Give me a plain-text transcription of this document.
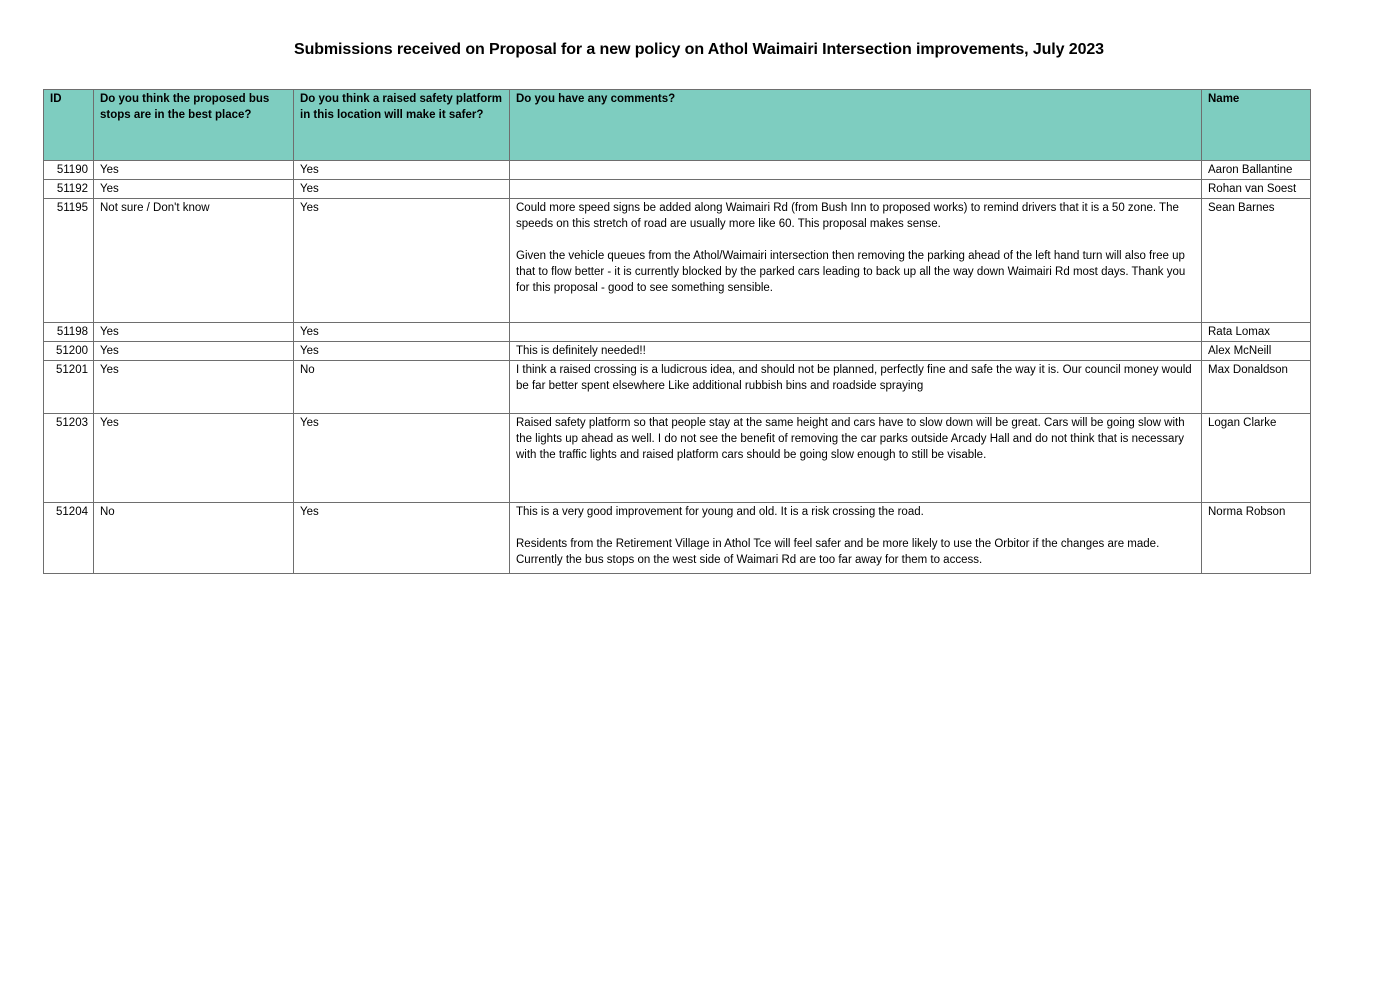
Submissions received on Proposal for a new policy on Athol Waimairi Intersection improvements, July 2023
ID	Do you think the proposed bus stops are in the best place?	Do you think a raised safety platform in this location will make it safer?	Do you have any comments?	Name
51190	Yes	Yes		Aaron Ballantine
51192	Yes	Yes		Rohan van Soest
51195	Not sure / Don't know	Yes	Could more speed signs be added along Waimairi Rd (from Bush Inn to proposed works) to remind drivers that it is a 50 zone. The speeds on this stretch of road are usually more like 60. This proposal makes sense.
Given the vehicle queues from the Athol/Waimairi intersection then removing the parking ahead of the left hand turn will also free up that to flow better - it is currently blocked by the parked cars leading to back up all the way down Waimairi Rd most days. Thank you for this proposal - good to see something sensible.	Sean Barnes
51198	Yes	Yes		Rata Lomax
51200	Yes	Yes	This is definitely needed!!	Alex McNeill
51201	Yes	No	I think a raised crossing is a ludicrous idea, and should not be planned, perfectly fine and safe the way it is. Our council money would be far better spent elsewhere Like additional rubbish bins and roadside spraying	Max Donaldson
51203	Yes	Yes	Raised safety platform so that people stay at the same height and cars have to slow down will be great. Cars will be going slow with the lights up ahead as well. I do not see the benefit of removing the car parks outside Arcady Hall and do not think that is necessary with the traffic lights and raised platform cars should be going slow enough to still be visable.	Logan Clarke
51204	No	Yes	This is a very good improvement for young and old. It is a risk crossing the road.
Residents from the Retirement Village in Athol Tce will feel safer and be more likely to use the Orbitor if the changes are made. Currently the bus stops on the west side of Waimari Rd are too far away for them to access.	Norma Robson
